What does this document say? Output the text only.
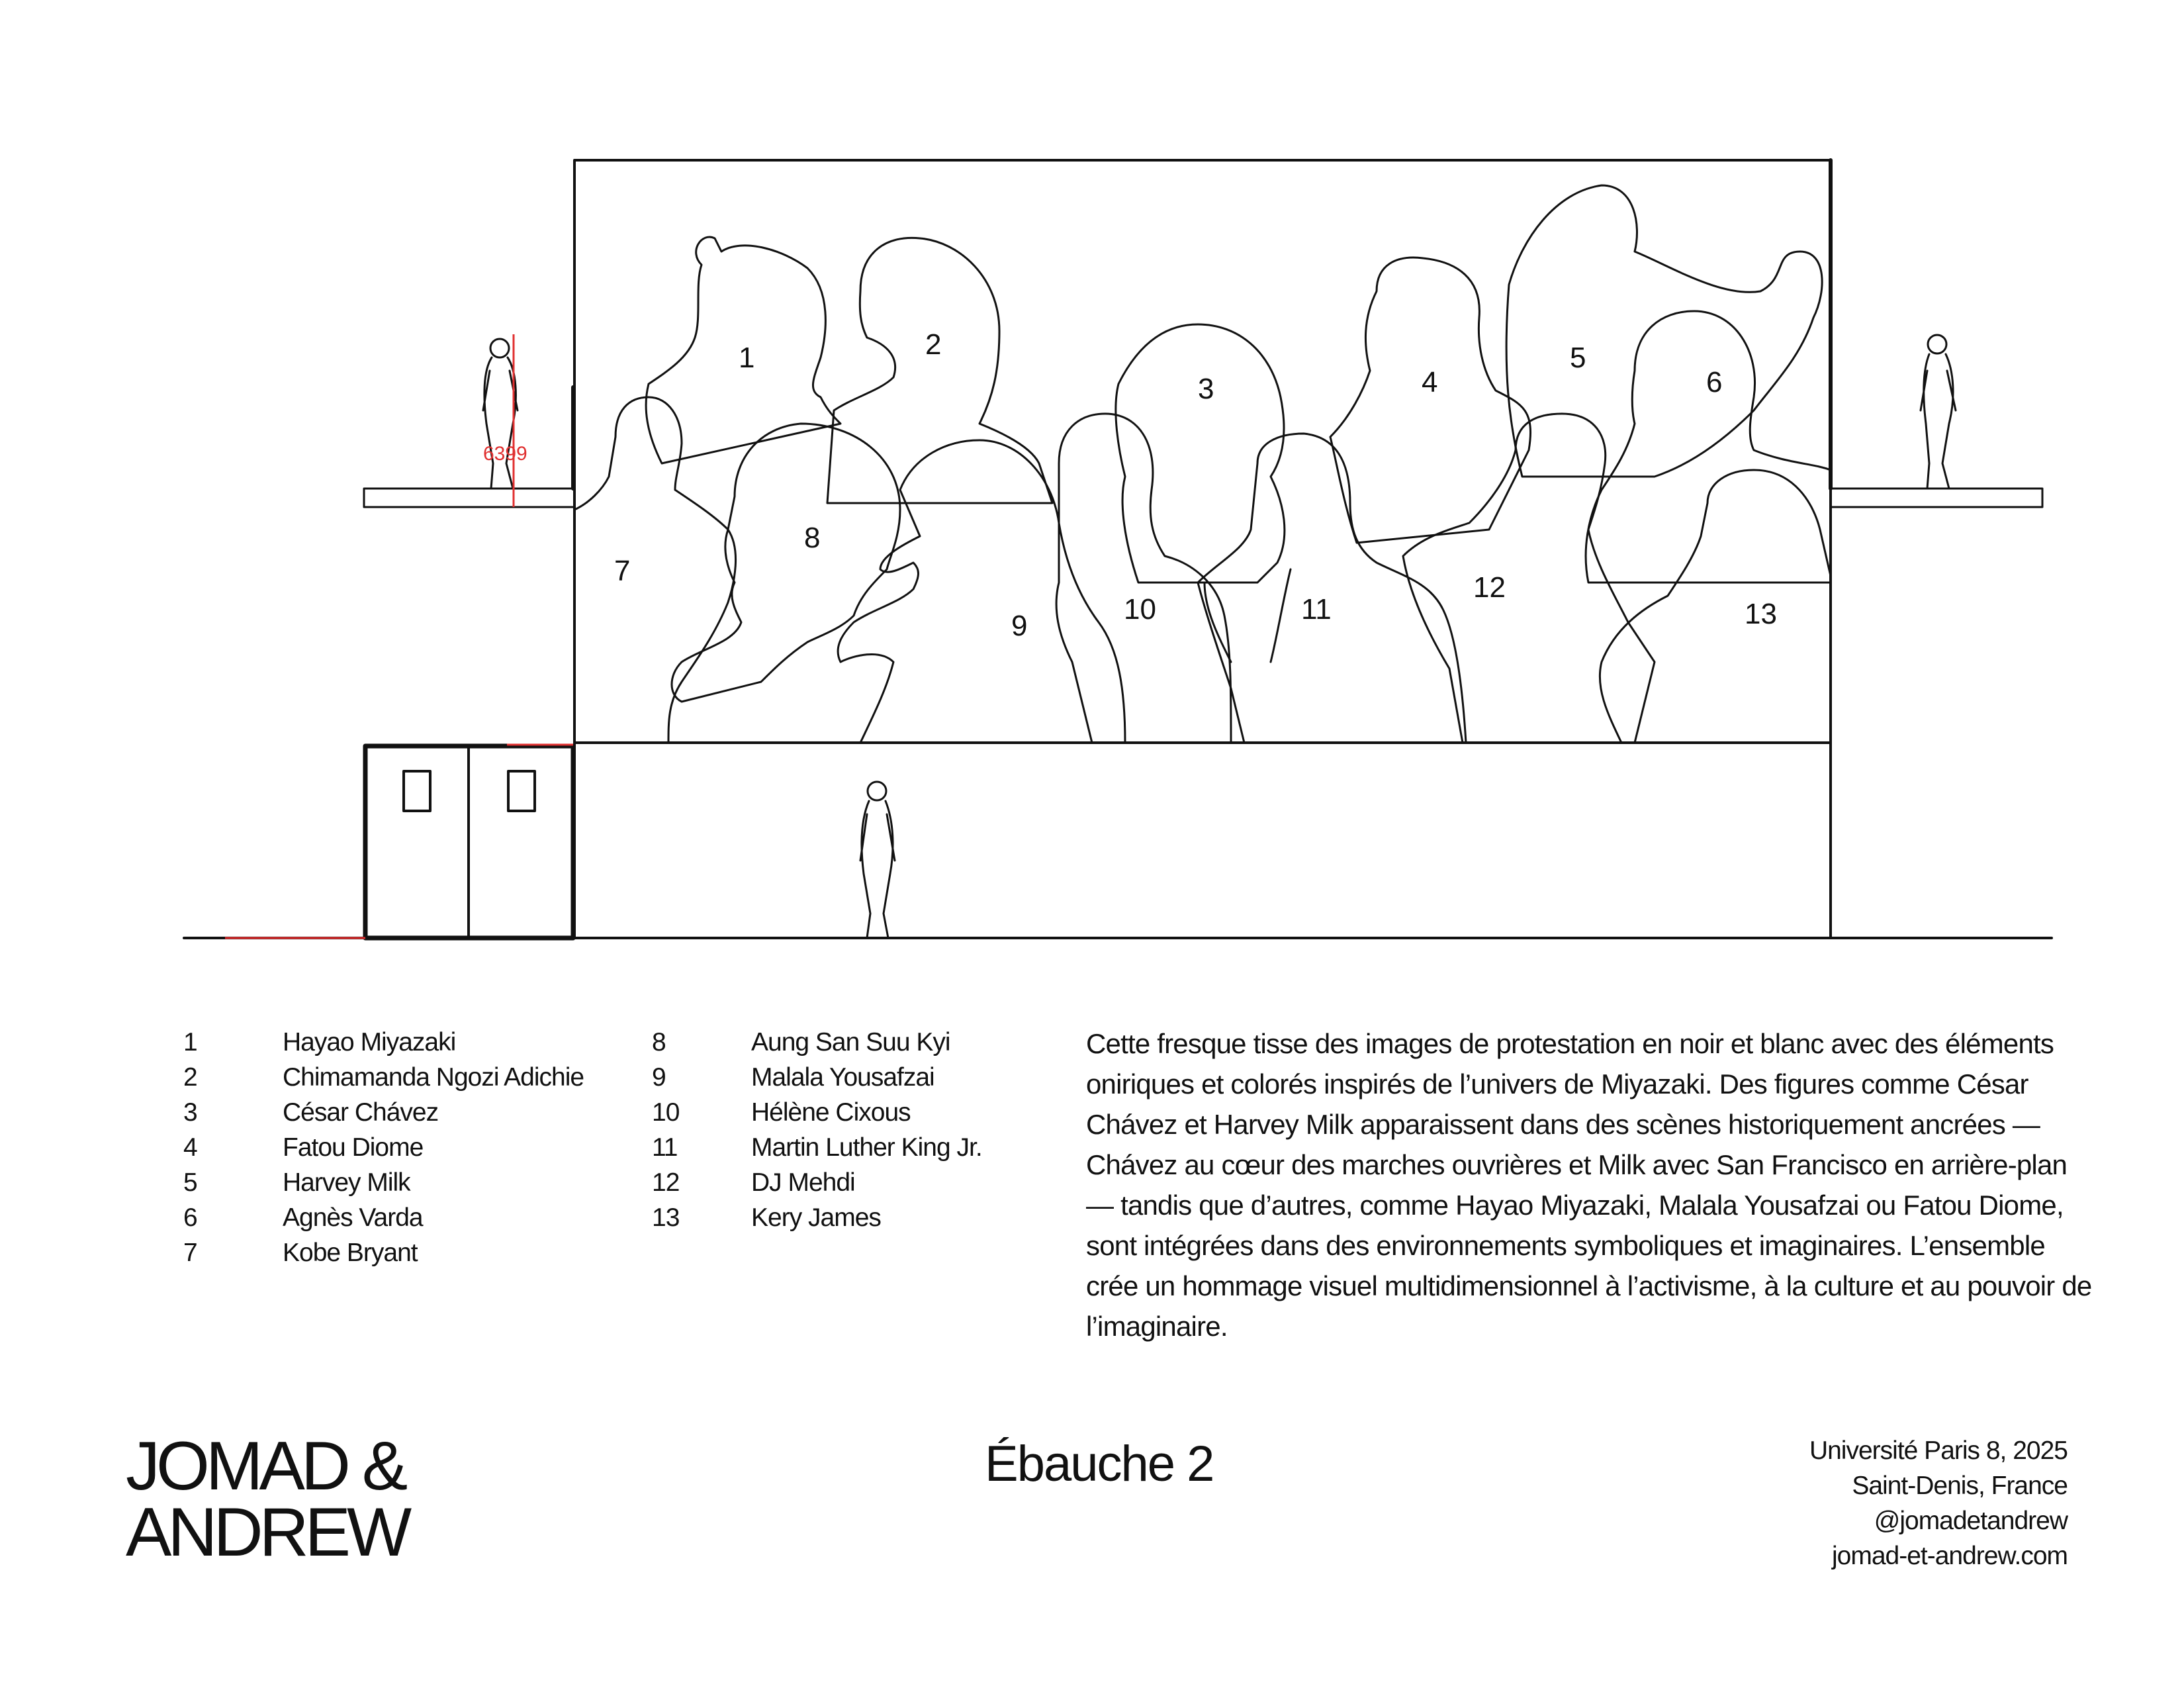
6399
1	2
3	4
5
6
7
8
9
10	11
12
13
1	Hayao Miyazaki
2	Chimamanda Ngozi Adichie
3	César Chávez
4	Fatou Diome
5	Harvey Milk
6	Agnès Varda
7	Kobe Bryant
8	Aung San Suu Kyi
9	Malala Yousafzai
10	Hélène Cixous
11	Martin Luther King Jr.
12	DJ Mehdi
13	Kery James

Cette fresque tisse des images de protestation en noir et blanc avec des éléments oniriques et colorés inspirés de l’univers de Miyazaki. Des figures comme César Chávez et Harvey Milk apparaissent dans des scènes historiquement ancrées — Chávez au cœur des marches ouvrières et Milk avec San Francisco en arrière-plan — tandis que d’autres, comme Hayao Miyazaki, Malala Yousafzai ou Fatou Diome, sont intégrées dans des environnements symboliques et imaginaires. L’ensemble crée un hommage visuel multidimensionnel à l’activisme, à la culture et au pouvoir de l’imaginaire.

JOMAD &
ANDREW
Ébauche 2	Université Paris 8, 2025
Saint-Denis, France
@jomadetandrew
jomad-et-andrew.com
